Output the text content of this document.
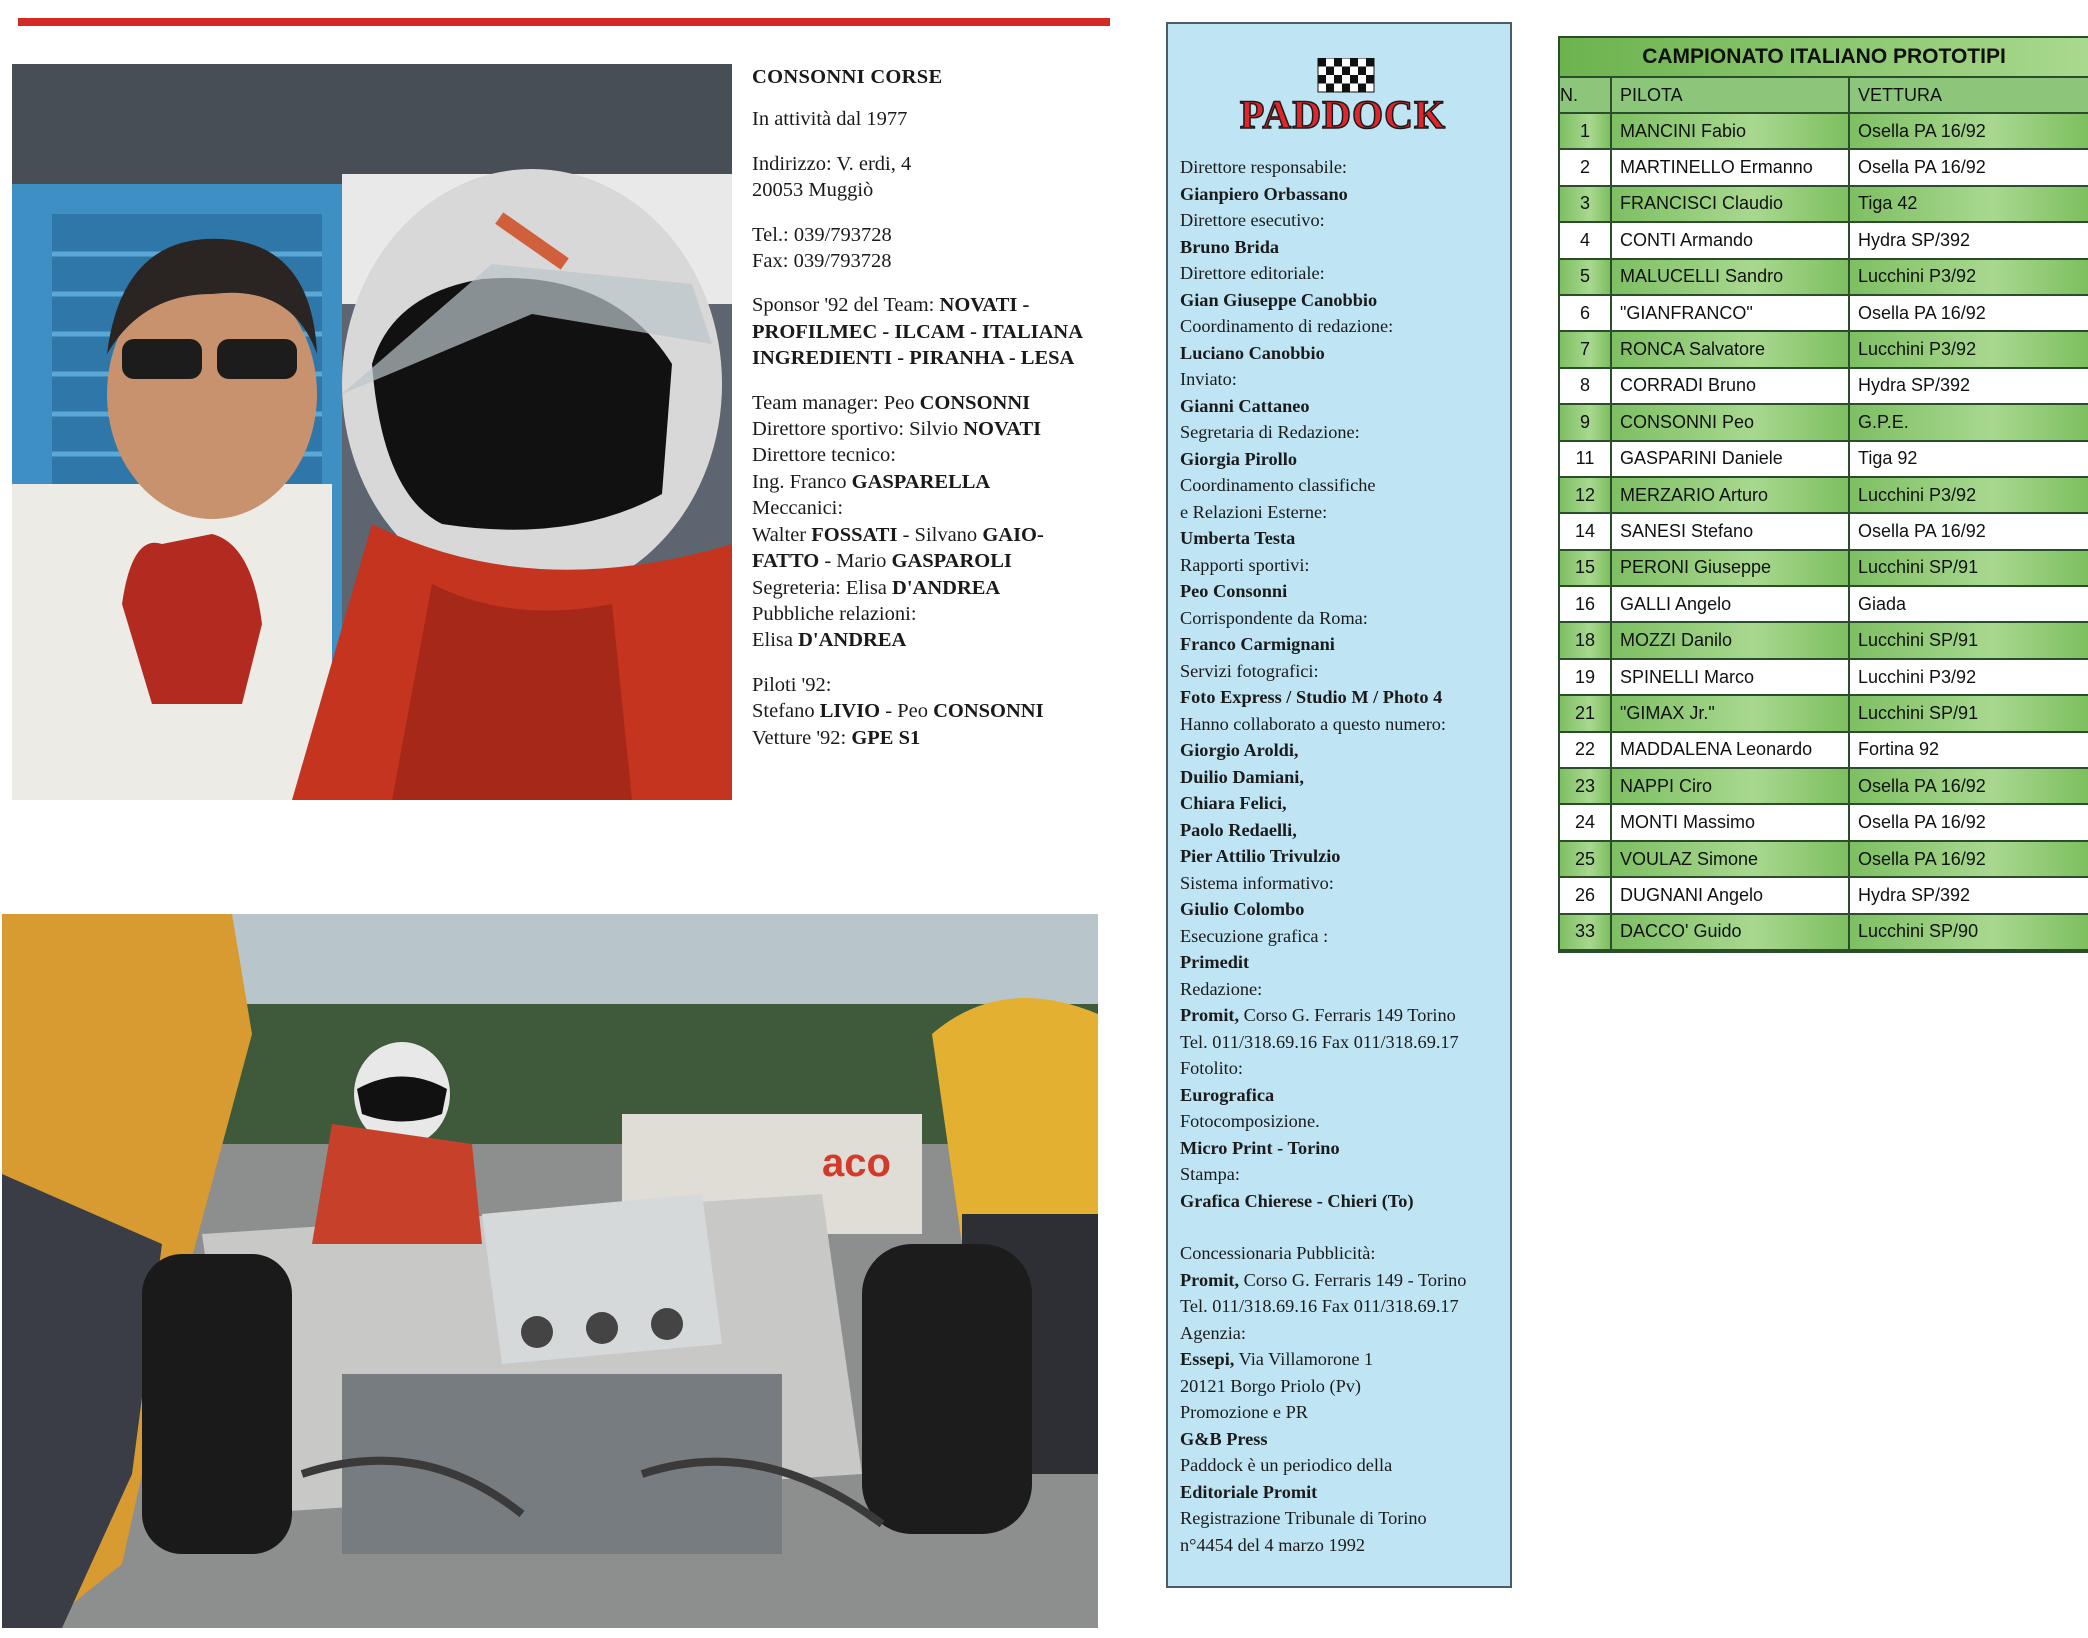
aco
CONSONNI CORSE
In attività dal 1977
Indirizzo: V. erdi, 4
20053 Muggiò
Tel.: 039/793728
Fax: 039/793728
Sponsor '92 del Team: NOVATI -
PROFILMEC - ILCAM - ITALIANA
INGREDIENTI - PIRANHA - LESA
Team manager: Peo CONSONNI
Direttore sportivo: Silvio NOVATI
Direttore tecnico:
Ing. Franco GASPARELLA
Meccanici:
Walter FOSSATI - Silvano GAIO-
FATTO - Mario GASPAROLI
Segreteria: Elisa D'ANDREA
Pubbliche relazioni:
Elisa D'ANDREA
Piloti '92:
Stefano LIVIO - Peo CONSONNI
Vetture '92: GPE S1
PADDOCK
Direttore responsabile:
Gianpiero Orbassano
Direttore esecutivo:
Bruno Brida
Direttore editoriale:
Gian Giuseppe Canobbio
Coordinamento di redazione:
Luciano Canobbio
Inviato:
Gianni Cattaneo
Segretaria di Redazione:
Giorgia Pirollo
Coordinamento classifiche
e Relazioni Esterne:
Umberta Testa
Rapporti sportivi:
Peo Consonni
Corrispondente da Roma:
Franco Carmignani
Servizi fotografici:
Foto Express / Studio M / Photo 4
Hanno collaborato a questo numero:
Giorgio Aroldi,
Duilio Damiani,
Chiara Felici,
Paolo Redaelli,
Pier Attilio Trivulzio
Sistema informativo:
Giulio Colombo
Esecuzione grafica :
Primedit
Redazione:
Promit, Corso G. Ferraris 149 Torino
Tel. 011/318.69.16 Fax 011/318.69.17
Fotolito:
Eurografica
Fotocomposizione.
Micro Print - Torino
Stampa:
Grafica Chierese - Chieri (To)
Concessionaria Pubblicità:
Promit, Corso G. Ferraris 149 - Torino
Tel. 011/318.69.16 Fax 011/318.69.17
Agenzia:
Essepi, Via Villamorone 1
20121 Borgo Priolo (Pv)
Promozione e PR
G&B Press
Paddock è un periodico della
Editoriale Promit
Registrazione Tribunale di Torino
n°4454 del 4 marzo 1992
CAMPIONATO ITALIANO PROTOTIPI
N.	PILOTA	VETTURA
1	MANCINI Fabio	Osella PA 16/92
2	MARTINELLO Ermanno	Osella PA 16/92
3	FRANCISCI Claudio	Tiga 42
4	CONTI Armando	Hydra SP/392
5	MALUCELLI Sandro	Lucchini P3/92
6	"GIANFRANCO"	Osella PA 16/92
7	RONCA Salvatore	Lucchini P3/92
8	CORRADI Bruno	Hydra SP/392
9	CONSONNI Peo	G.P.E.
11	GASPARINI Daniele	Tiga 92
12	MERZARIO Arturo	Lucchini P3/92
14	SANESI Stefano	Osella PA 16/92
15	PERONI Giuseppe	Lucchini SP/91
16	GALLI Angelo	Giada
18	MOZZI Danilo	Lucchini SP/91
19	SPINELLI Marco	Lucchini P3/92
21	"GIMAX Jr."	Lucchini SP/91
22	MADDALENA Leonardo	Fortina 92
23	NAPPI Ciro	Osella PA 16/92
24	MONTI Massimo	Osella PA 16/92
25	VOULAZ Simone	Osella PA 16/92
26	DUGNANI Angelo	Hydra SP/392
33	DACCO' Guido	Lucchini SP/90
